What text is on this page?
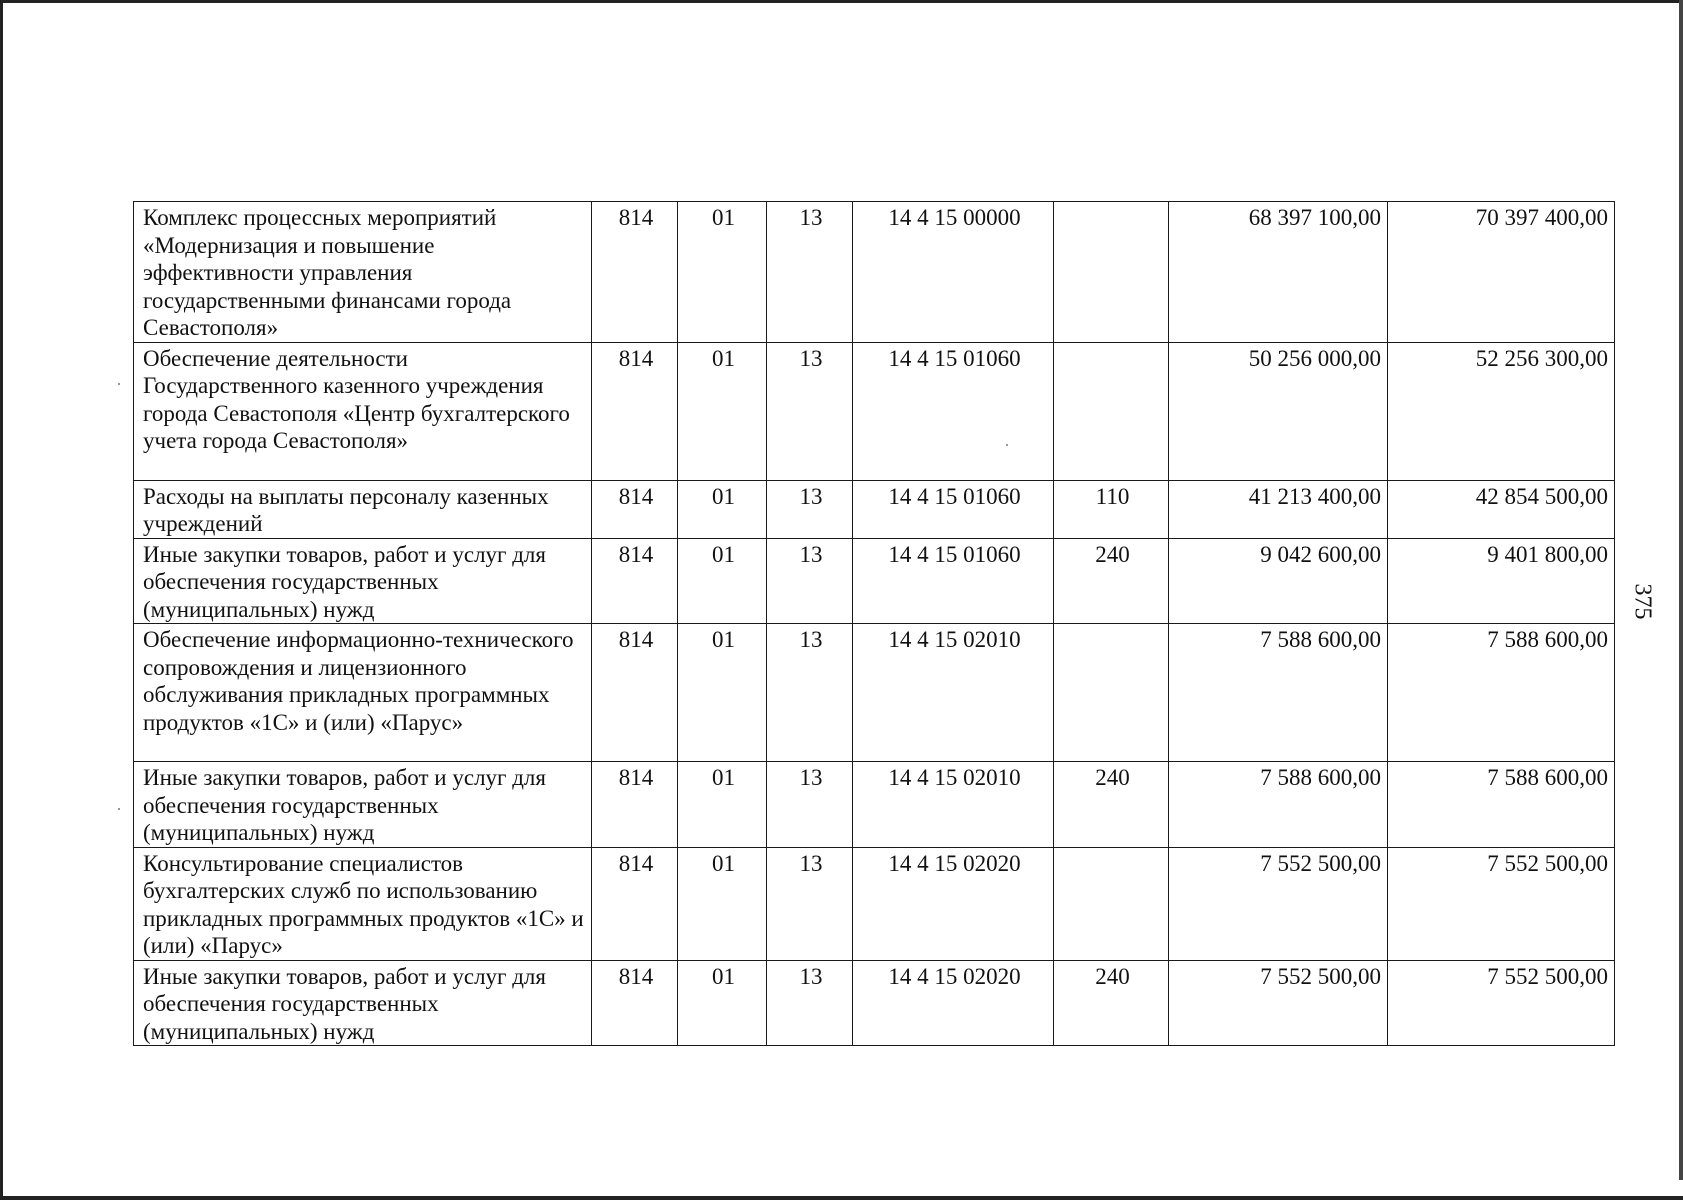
Комплекс процессных мероприятий «Модернизация и повышение эффективности управления государственными финансами города Севастополя»	814	01	13	14 4 15 00000		68 397 100,00	70 397 400,00
Обеспечение деятельности Государственного казенного учреждения города Севастополя «Центр бухгалтерского учета города Севастополя»	814	01	13	14 4 15 01060		50 256 000,00	52 256 300,00
Расходы на выплаты персоналу казенных учреждений	814	01	13	14 4 15 01060	110	41 213 400,00	42 854 500,00
Иные закупки товаров, работ и услуг для обеспечения государственных (муниципальных) нужд	814	01	13	14 4 15 01060	240	9 042 600,00	9 401 800,00
Обеспечение информационно-технического сопровождения и лицензионного обслуживания прикладных программных продуктов «1С» и (или) «Парус»	814	01	13	14 4 15 02010		7 588 600,00	7 588 600,00
Иные закупки товаров, работ и услуг для обеспечения государственных (муниципальных) нужд	814	01	13	14 4 15 02010	240	7 588 600,00	7 588 600,00
Консультирование специалистов бухгалтерских служб по использованию прикладных программных продуктов «1С» и (или) «Парус»	814	01	13	14 4 15 02020		7 552 500,00	7 552 500,00
Иные закупки товаров, работ и услуг для обеспечения государственных (муниципальных) нужд	814	01	13	14 4 15 02020	240	7 552 500,00	7 552 500,00
375
